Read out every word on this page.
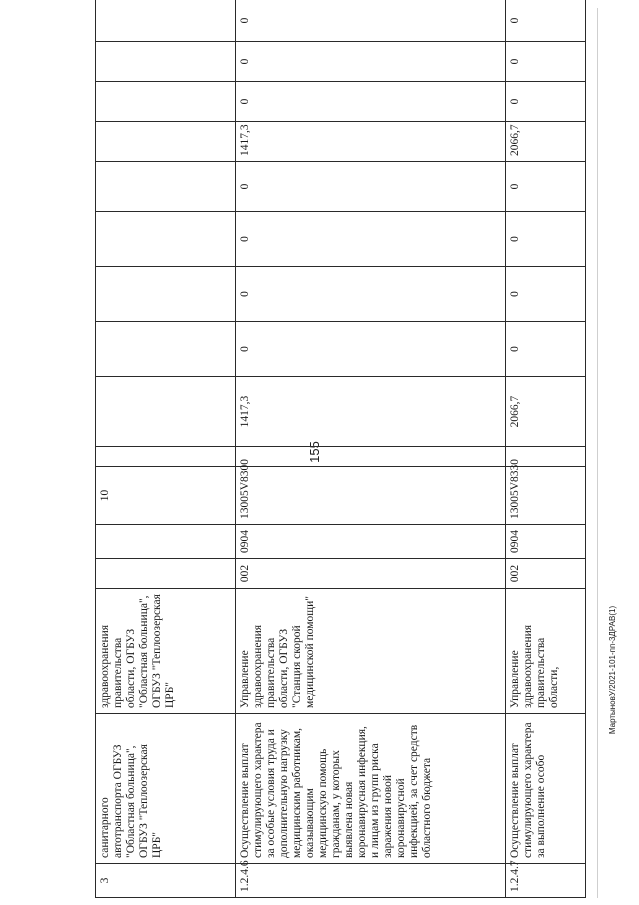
155
3	санитарного автотранспорта ОГБУЗ "Областная больница", ОГБУЗ "Теплоозерская ЦРБ"	здравоохранения правительства области, ОГБУЗ "Областная больница", ОГБУЗ "Теплоозерская ЦРБ"			10										
1.2.4.6	Осуществление выплат стимулирующего характера за особые условия труда и дополнительную нагрузку медицинским работникам, оказывающим медицинскую помощь гражданам, у которых выявлена новая коронавирусная инфекция, и лицам из групп риска заражения новой коронавирусной инфекцией, за счет средств областного бюджета	Управление здравоохранения правительства области, ОГБУЗ "Станция скорой медицинской помощи"	002	0904	13005V8300		1417,3	0	0	0	0	1417,3	0	0	0
1.2.4.7	Осуществление выплат стимулирующего характера за выполнение особо	Управление здравоохранения правительства области,	002	0904	13005V8330		2066,7	0	0	0	0	2066,7	0	0	0
МартыновУ/2021-101-пп-3ДРАВ(1)
